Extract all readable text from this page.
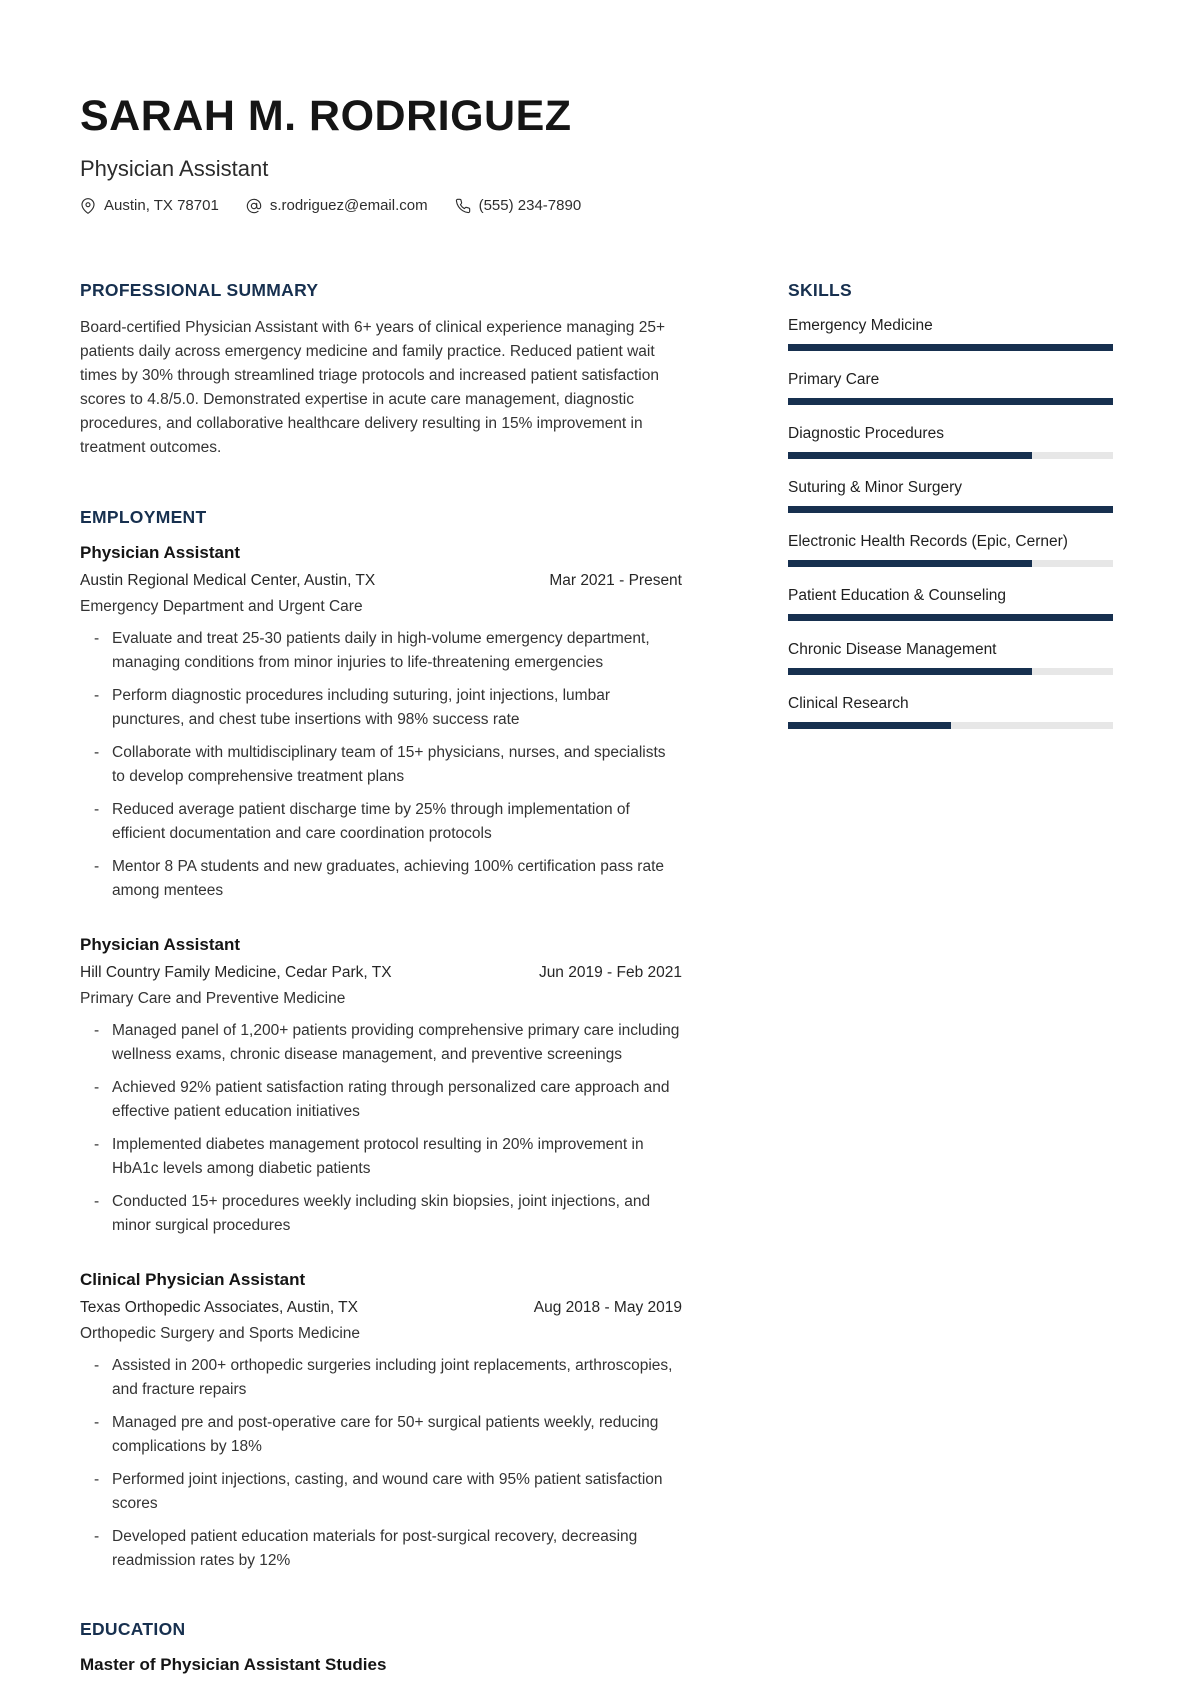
SARAH M. RODRIGUEZ
Physician Assistant
Austin, TX 78701	s.rodriguez@email.com	(555) 234-7890
PROFESSIONAL SUMMARY

Board-certified Physician Assistant with 6+ years of clinical experience managing 25+ patients daily across emergency medicine and family practice. Reduced patient wait times by 30% through streamlined triage protocols and increased patient satisfaction scores to 4.8/5.0. Demonstrated expertise in acute care management, diagnostic procedures, and collaborative healthcare delivery resulting in 15% improvement in treatment outcomes.

EMPLOYMENT
Physician Assistant
Austin Regional Medical Center, Austin, TX	Mar 2021 - Present
Emergency Department and Urgent Care
- Evaluate and treat 25-30 patients daily in high-volume emergency department, managing conditions from minor injuries to life-threatening emergencies
- Perform diagnostic procedures including suturing, joint injections, lumbar punctures, and chest tube insertions with 98% success rate
- Collaborate with multidisciplinary team of 15+ physicians, nurses, and specialists to develop comprehensive treatment plans
- Reduced average patient discharge time by 25% through implementation of efficient documentation and care coordination protocols
- Mentor 8 PA students and new graduates, achieving 100% certification pass rate among mentees
Physician Assistant
Hill Country Family Medicine, Cedar Park, TX	Jun 2019 - Feb 2021
Primary Care and Preventive Medicine
- Managed panel of 1,200+ patients providing comprehensive primary care including wellness exams, chronic disease management, and preventive screenings
- Achieved 92% patient satisfaction rating through personalized care approach and effective patient education initiatives
- Implemented diabetes management protocol resulting in 20% improvement in HbA1c levels among diabetic patients
- Conducted 15+ procedures weekly including skin biopsies, joint injections, and minor surgical procedures
Clinical Physician Assistant
Texas Orthopedic Associates, Austin, TX	Aug 2018 - May 2019
Orthopedic Surgery and Sports Medicine
- Assisted in 200+ orthopedic surgeries including joint replacements, arthroscopies, and fracture repairs
- Managed pre and post-operative care for 50+ surgical patients weekly, reducing complications by 18%
- Performed joint injections, casting, and wound care with 95% patient satisfaction scores
- Developed patient education materials for post-surgical recovery, decreasing readmission rates by 12%
EDUCATION
Master of Physician Assistant Studies
SKILLS
Emergency Medicine
Primary Care
Diagnostic Procedures
Suturing & Minor Surgery
Electronic Health Records (Epic, Cerner)
Patient Education & Counseling
Chronic Disease Management
Clinical Research
